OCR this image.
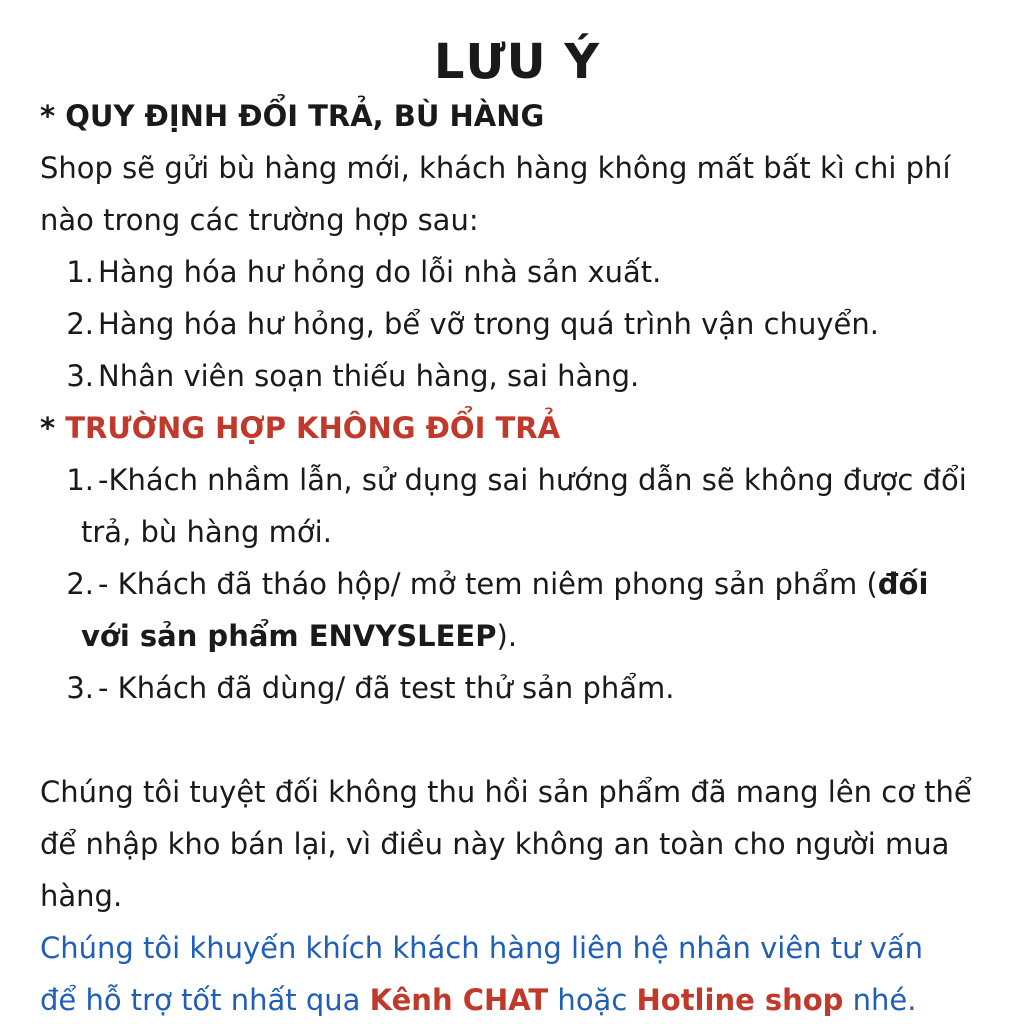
LƯU Ý

* QUY ĐỊNH ĐỔI TRẢ, BÙ HÀNG

Shop sẽ gửi bù hàng mới, khách hàng không mất bất kì chi phí

nào trong các trường hợp sau:

1. Hàng hóa hư hỏng do lỗi nhà sản xuất.
2. Hàng hóa hư hỏng, bể vỡ trong quá trình vận chuyển.
3. Nhân viên soạn thiếu hàng, sai hàng.

* TRƯỜNG HỢP KHÔNG ĐỔI TRẢ

1. -Khách nhầm lẫn, sử dụng sai hướng dẫn sẽ không được đổi
trả, bù hàng mới.
2. - Khách đã tháo hộp/ mở tem niêm phong sản phẩm (đối
với sản phẩm ENVYSLEEP).
3. - Khách đã dùng/ đã test thử sản phẩm.

Chúng tôi tuyệt đối không thu hồi sản phẩm đã mang lên cơ thể

để nhập kho bán lại, vì điều này không an toàn cho người mua

hàng.

Chúng tôi khuyến khích khách hàng liên hệ nhân viên tư vấn

để hỗ trợ tốt nhất qua Kênh CHAT hoặc Hotline shop nhé.
